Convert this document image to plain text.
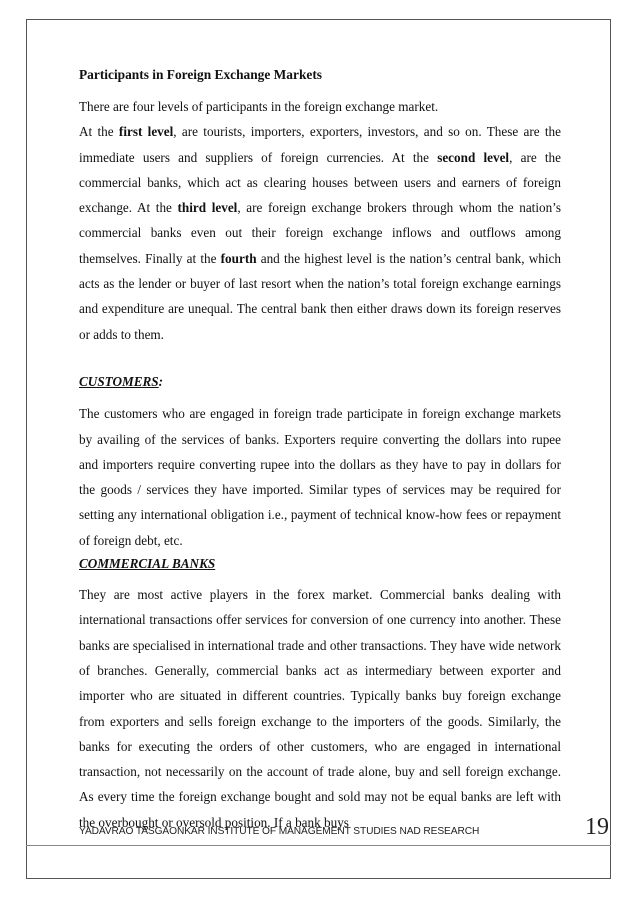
Participants in Foreign Exchange Markets

There are four levels of participants in the foreign exchange market.

At the first level, are tourists, importers, exporters, investors, and so on. These are the immediate users and suppliers of foreign currencies. At the second level, are the commercial banks, which act as clearing houses between users and earners of foreign exchange. At the third level, are foreign exchange brokers through whom the nation’s commercial banks even out their foreign exchange inflows and outflows among themselves. Finally at the fourth and the highest level is the nation’s central bank, which acts as the lender or buyer of last resort when the nation’s total foreign exchange earnings and expenditure are unequal. The central bank then either draws down its foreign reserves or adds to them.

CUSTOMERS:

The customers who are engaged in foreign trade participate in foreign exchange markets by availing of the services of banks. Exporters require converting the dollars into rupee and importers require converting rupee into the dollars as they have to pay in dollars for the goods / services they have imported. Similar types of services may be required for setting any international obligation i.e., payment of technical know-how fees or repayment of foreign debt, etc.

COMMERCIAL BANKS

They are most active players in the forex market. Commercial banks dealing with international transactions offer services for conversion of one currency into another. These banks are specialised in international trade and other transactions. They have wide network of branches. Generally, commercial banks act as intermediary between exporter and importer who are situated in different countries. Typically banks buy foreign exchange from exporters and sells foreign exchange to the importers of the goods. Similarly, the banks for executing the orders of other customers, who are engaged in international transaction, not necessarily on the account of trade alone, buy and sell foreign exchange. As every time the foreign exchange bought and sold may not be equal banks are left with the overbought or oversold position. If a bank buys

YADAVRAO TASGAONKAR INSTITUTE OF MANAGEMENT STUDIES NAD RESEARCH	19
